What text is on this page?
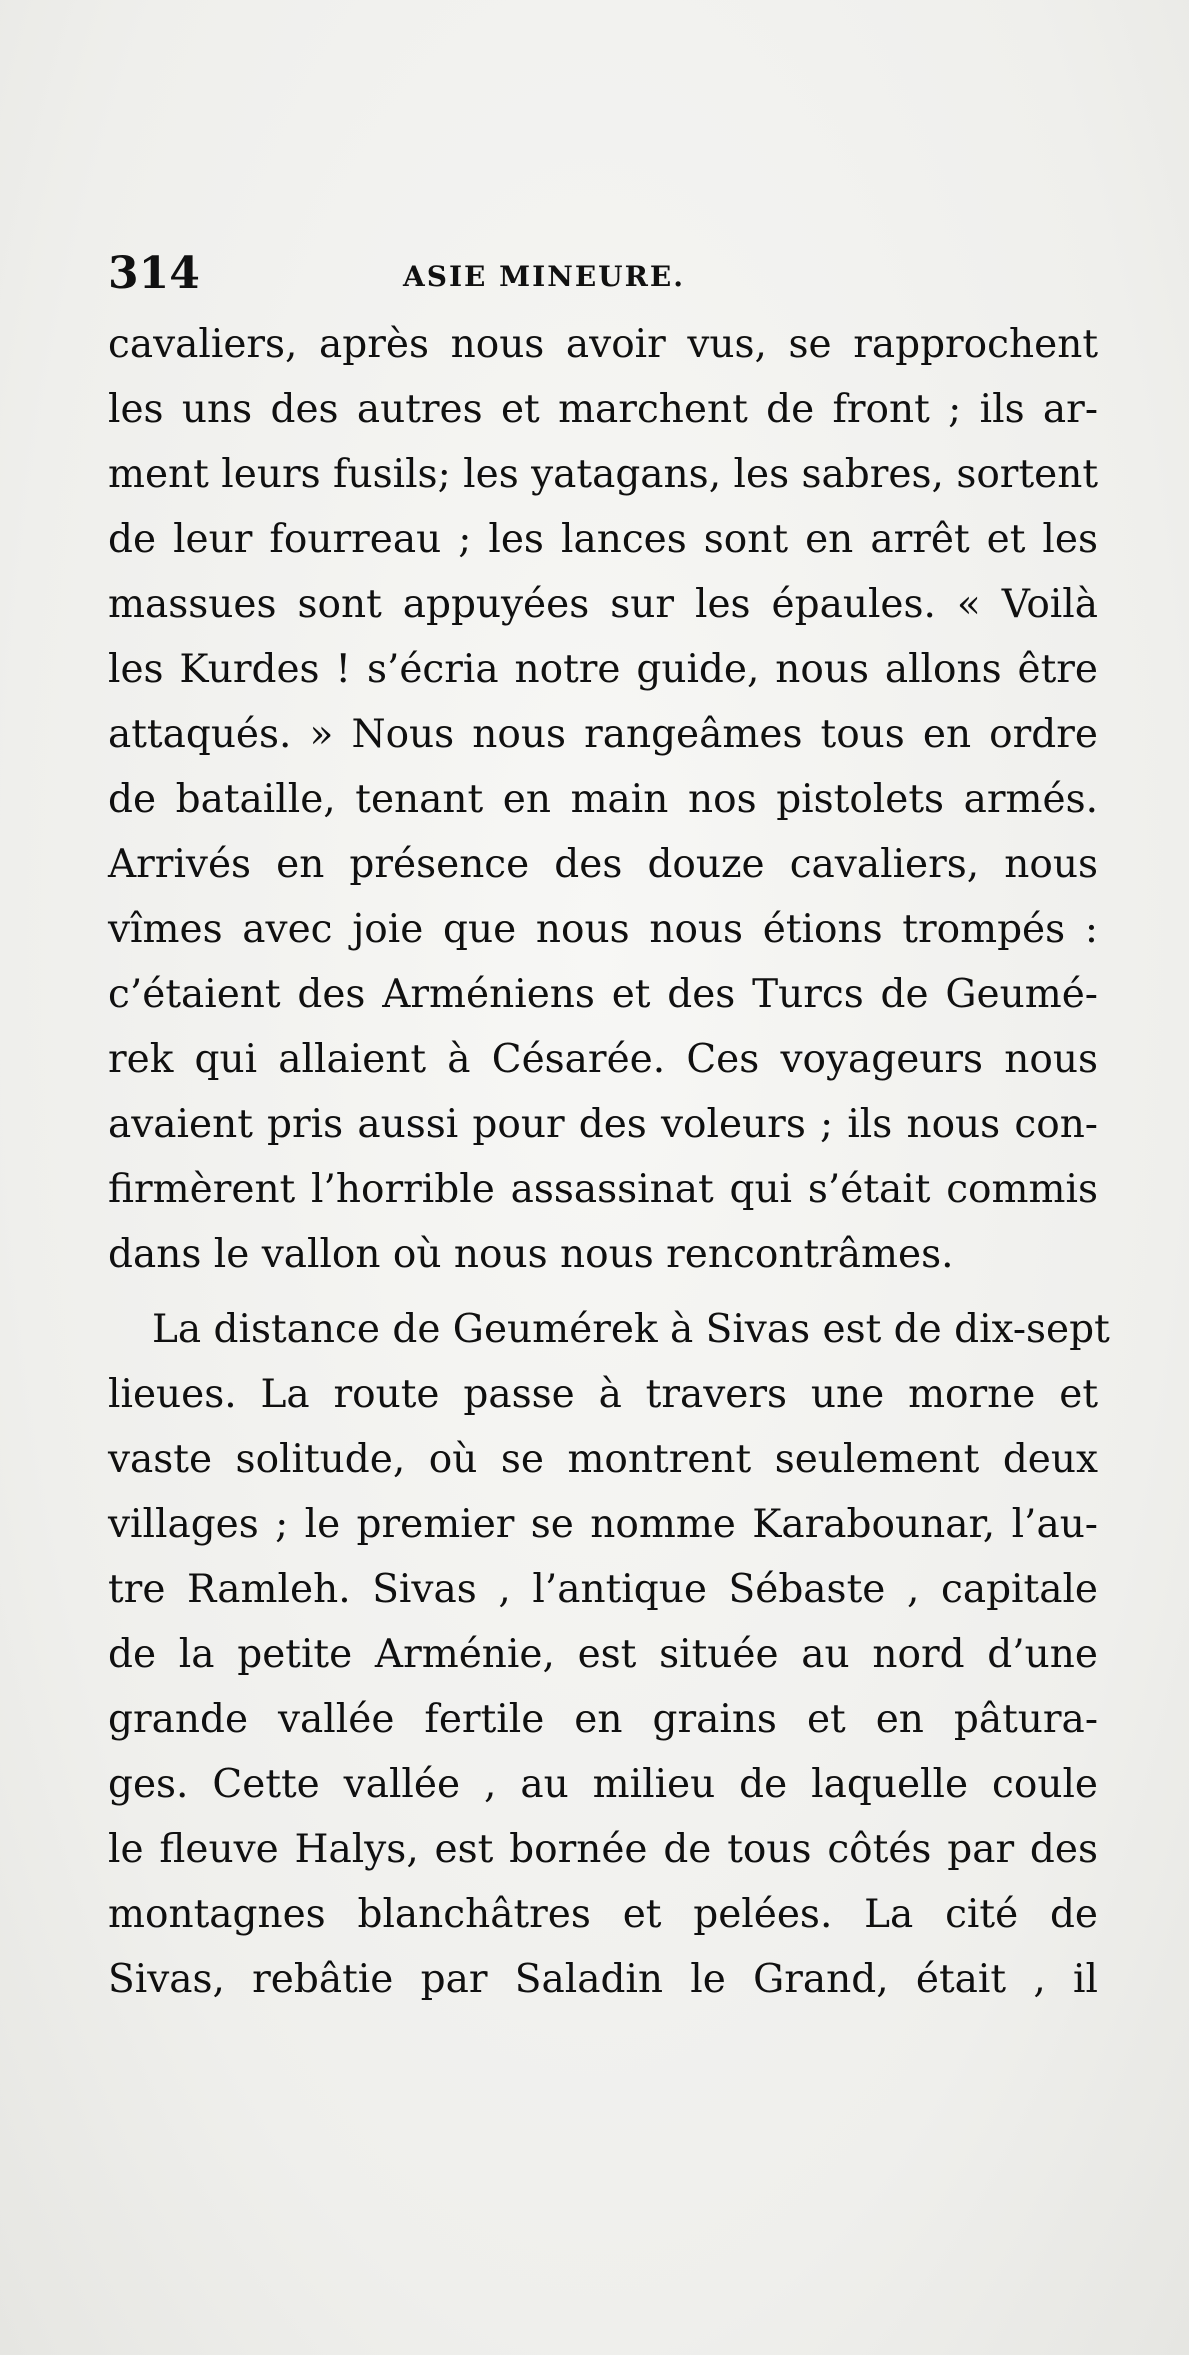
314	ASIE MINEURE.
cavaliers, après nous avoir vus, se rapprochent
les uns des autres et marchent de front ; ils ar-
ment leurs fusils; les yatagans, les sabres, sortent
de leur fourreau ; les lances sont en arrêt et les
massues sont appuyées sur les épaules. « Voilà
les Kurdes ! s’écria notre guide, nous allons être
attaqués. » Nous nous rangeâmes tous en ordre
de bataille, tenant en main nos pistolets armés.
Arrivés en présence des douze cavaliers, nous
vîmes avec joie que nous nous étions trompés :
c’étaient des Arméniens et des Turcs de Geumé-
rek qui allaient à Césarée. Ces voyageurs nous
avaient pris aussi pour des voleurs ; ils nous con-
firmèrent l’horrible assassinat qui s’était commis
dans le vallon où nous nous rencontrâmes.
La distance de Geumérek à Sivas est de dix-sept
lieues. La route passe à travers une morne et
vaste solitude, où se montrent seulement deux
villages ; le premier se nomme Karabounar, l’au-
tre Ramleh. Sivas , l’antique Sébaste , capitale
de la petite Arménie, est située au nord d’une
grande vallée fertile en grains et en pâtura-
ges. Cette vallée , au milieu de laquelle coule
le fleuve Halys, est bornée de tous côtés par des
montagnes blanchâtres et pelées. La cité de
Sivas, rebâtie par Saladin le Grand, était , il
